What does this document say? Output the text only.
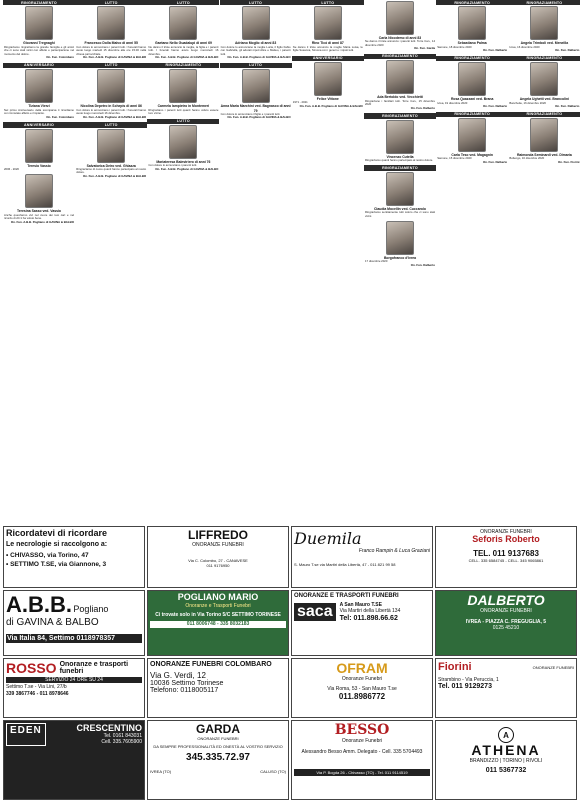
RINGRAZIAMENTO
Giovanni Tregnaghi
Ringraziamo ringraziamo la grande famiglia e gli amici che ci sono stati vicini con affetto e partecipazione nel momento del dolore.
On. Fun. Colombaro
ANNIVERSARIO
Tiziana Vierzi
Nel primo Anniversario della scomparsa ti ricordiamo con immutato affetto e rimpianto.
On. Fun. Colombaro
ANNIVERSARIO
Teresio Vassio
2006 - 2020
Teresina Sasso ved. Vassio
Anche quest'anno vivi nel cuore dei tuoi cari e nel ricordo di chi ti ha voluto bene.
On. Fun. A.B.B. Pogliano di GAVINA & BALBO
LUTTO
Francesco Dolla Malvo di anni 55
Con dolore lo annunciano i parenti tutti. I funerali hanno avuto luogo martedì 15 dicembre alle ore 15.00 nella chiesa parrocchiale.
On. Fun. A.B.B. Pogliano di GAVINA & BALBO
LUTTO
Nicolina Depetro in Schepis di anni 86
Con dolore lo annunciano i parenti tutti. I funerali hanno avuto luogo mercoledì 16 dicembre.
On. Fun. A.B.B. Pogliano di GAVINA & BALBO
LUTTO
Salvatorica Deiro ved. Ghiazza
Ringraziamo di cuore quanti hanno partecipato al nostro dolore.
On. Fun. A.B.B. Pogliano di GAVINA & BALBO
LUTTO
Gaetano Nello Guadalupi di anni 69
Ne danno il triste annuncio la moglie, la figlia e i parenti tutti. I funerali hanno avuto luogo mercoledì 16 dicembre.
On. Fun. A.B.B. Pogliano di GAVINA & BALBO
RINGRAZIAMENTO
Carmela Iampietro in Montemeri
Ringraziano i parenti tutti quanti hanno voluto essere loro vicino.
LUTTO
Mariateresa Balestriero di anni 76
Con dolore lo annunciano i parenti tutti.
On. Fun. A.B.B. Pogliano di GAVINA & BALBO
LUTTO
Adriano Moglio di anni 83
Con dolore lo annunciano la moglie Lucia, il figlio Fabio con Gabriella, gli adorati nipoti Alice e Matteo, i parenti tutti.
On. Fun. A.B.B. Pogliano di GAVINA & BALBO
LUTTO
Anna Maria Marchini ved. Bagnasco di anni 79
Con dolore lo annunciano il figlio e i parenti tutti.
On. Fun. A.B.B. Pogliano di GAVINA & BALBO
LUTTO
Rino Ticó di anni 87
Ne danno il triste annuncio la moglie Maria Luisa, le figlie Susanna, Simona con i generi e i nipoti tutti.
ANNIVERSARIO
Felice Vittone
1971 - 2021
On. Fun. A.B.B. Pogliano di GAVINA & BALBO
Carla Nicodemo di anni 83
Ne danno il triste annuncio i parenti tutti. Torre Can., 14 dicembre 2020
On. Fun. Garda
RINGRAZIAMENTO
Ada Bertoldo ved. Vecchietti
Ringraziano i familiari tutti. Torre Can., 15 dicembre 2020
On. Fun. Dalberto
RINGRAZIAMENTO
Vincenzo Cutella
Ringraziamo quanti hanno partecipato al nostro dolore.
RINGRAZIAMENTO
Claudia Mocellin ved. Cuccarolo
Ringraziamo sentitamente tutti coloro che ci sono stati vicini.
Borgofranco d'Ivrea
17 dicembre 2020
On. Fun. Dalberto
RINGRAZIAMENTO
Sebastiano Palma
Samone, 18 dicembre 2020
On. Fun. Dalberto
RINGRAZIAMENTO
Rosa Quazzani ved. Brana
Ivrea, 19 dicembre 2020
On. Fun. Dalberto
RINGRAZIAMENTO
Carla Teso ved. Magagnin
Samone, 15 dicembre 2020
On. Fun. Dalberto
RINGRAZIAMENTO
Angela Trimboli ved. Meneilla
Ivrea, 16 dicembre 2020
On. Fun. Dalberto
RINGRAZIAMENTO
Angela Ughetti ved. Brancolini
Banchette, 16 dicembre 2020
On. Fun. Dalberto
RINGRAZIAMENTO
Raimonda Seminardi ved. Dimaria
Bollengo, 16 dicembre 2020
On. Fun. Fiorini
Ricordatevi di ricordare
Le necrologie si raccolgono a:
• CHIVASSO, via Torino, 47
• SETTIMO T.SE, via Giannone, 3
A.B.B. Pogliano
di GAVINA & BALBO
Via Italia 84, Settimo 0118978357
ROSSO Onoranze e trasporti funebri
SERVIZIO 24 ORE SU 24
Settimo T.se - Via Lini, 27/b
339 3867746 - 011 8978646
EDEN	CRESCENTINO
Tel. 0161 843031
Cell. 335.7605900
LIFFREDO
ONORANZE FUNEBRI
Via C. Colombo, 27 - CANAVESE
011 9176950
POGLIANO MARIO
Onoranze e Trasporti Funebri
Ci trovate solo in Via Torino 5/C SETTIMO TORINESE
011 8006748 - 335 8032183
ONORANZE FUNEBRI COLOMBARO
Via G. Verdi, 12
10036 Settimo Torinese
Telefono: 0118005117
GARDA
ONORANZE FUNEBRI
DA SEMPRE PROFESSIONALITÀ ED ONESTÀ AL VOSTRO SERVIZIO
345.335.72.97
IVREA (TO)	CALUSO (TO)
Duemila
Franco Rampin & Luca Graziani
S. Mauro T.se via Martiri della Libertà, 47 - 011 821 99 58
ONORANZE E TRASPORTI FUNEBRI
saca	A San Mauro T.SE
Via Martiri della Libertà 134
Tel: 011.898.66.62
OFRAM
Onoranze Funebri
Via Roma, 53 - San Mauro T.se
011.8986772
BESSO
Onoranze Funebri
Alessandro Besso Amm. Delegato - Cell. 335 5704493
Via P. Bogda 26 - Chivasso (TO) - Tel. 011 9114519
ONORANZE FUNEBRI
Seforis Roberto
TEL. 011 9137683
CELL. 335 6584745 - CELL. 345 9065861
DALBERTO
ONORANZE FUNEBRI
IVREA - PIAZZA C. FREGUGLIA, 5
0125 45210
Fiorini	ONORANZE FUNEBRI
Strambino - Via Peruccia, 1
Tel. 011 9129273
A
ATHENA
BRANDIZZO | TORINO | RIVOLI
011 5367732
